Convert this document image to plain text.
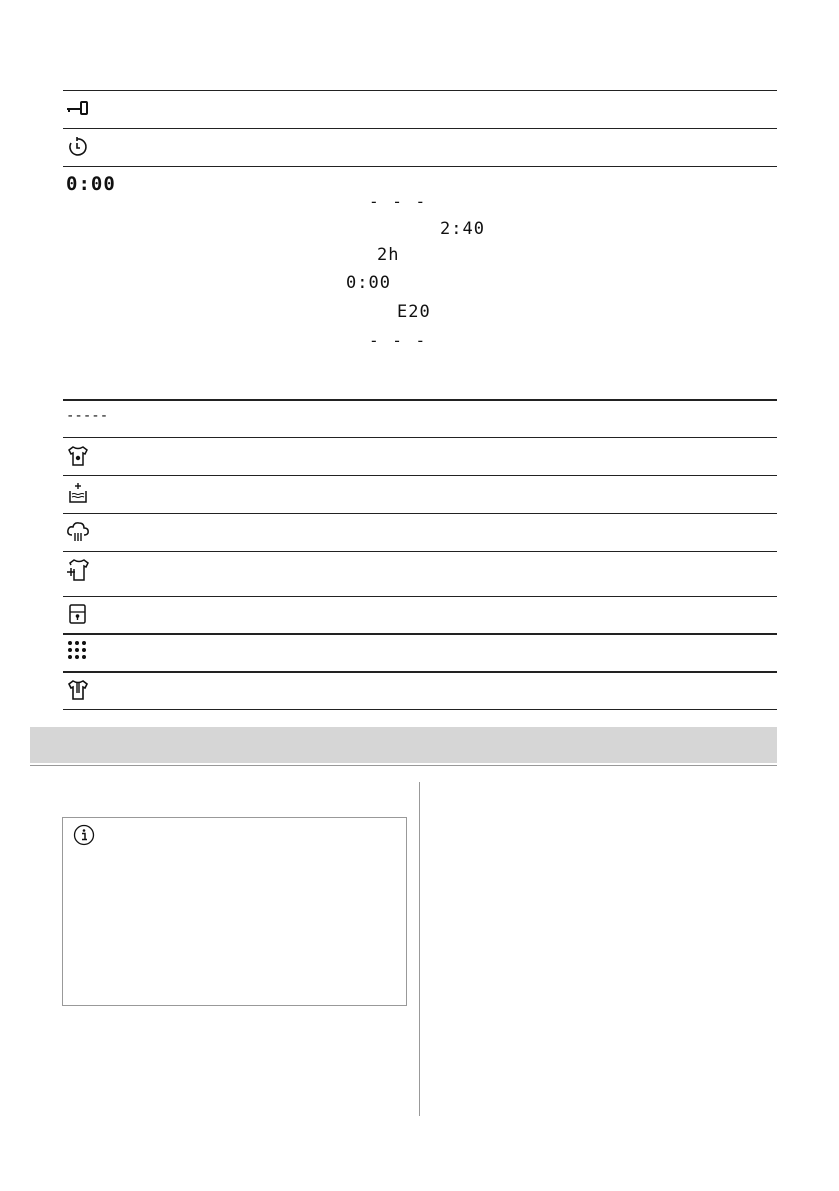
0:00
- - -
2:40
2h
0:00
E20
- - -
-----
